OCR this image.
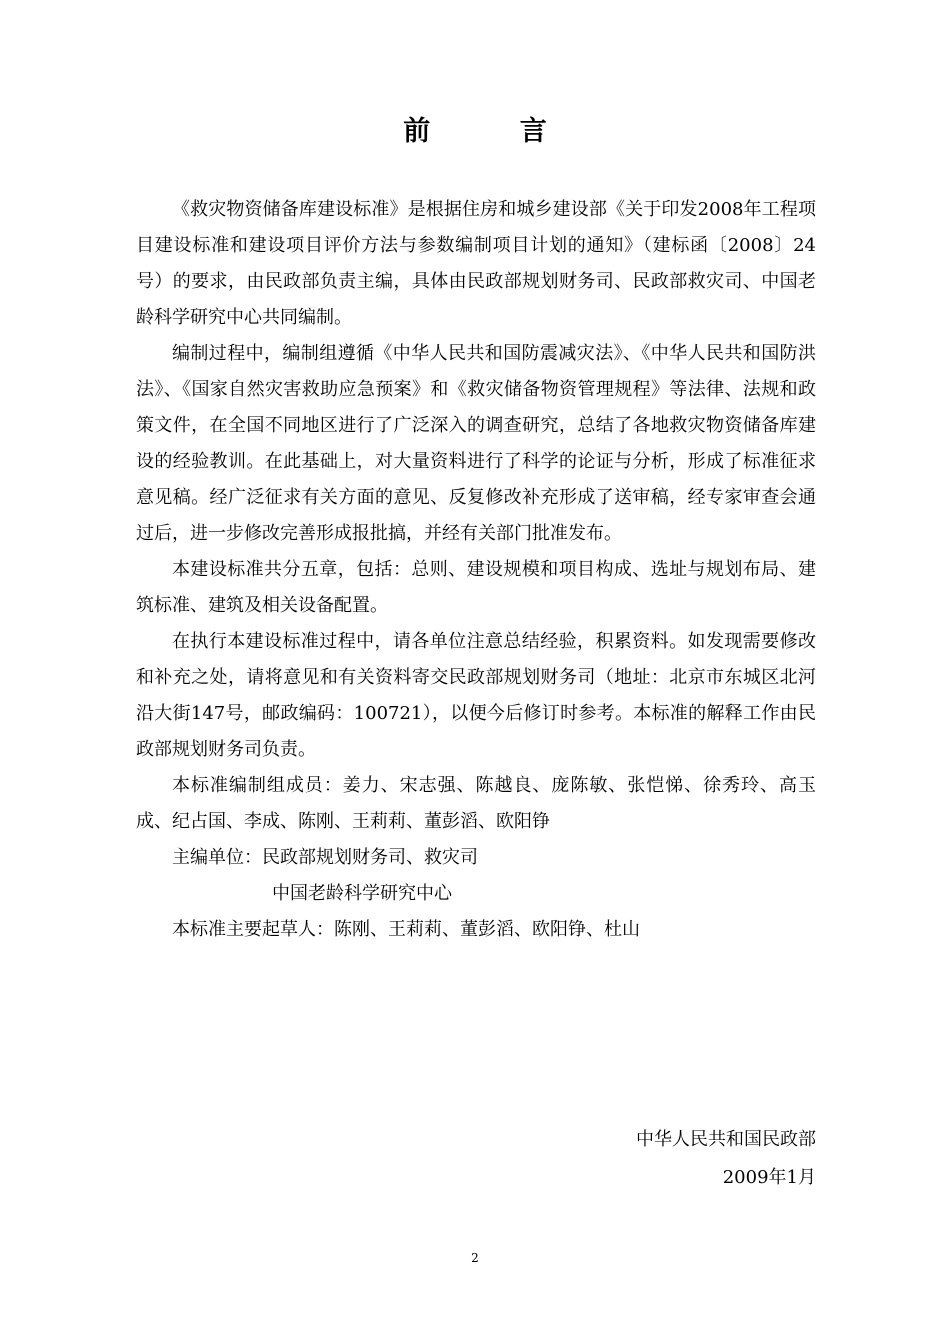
前 言

《救灾物资储备库建设标准》是根据住房和城乡建设部《关于印发2008年工程项目建设标准和建设项目评价方法与参数编制项目计划的通知》（建标函〔2008〕24号）的要求，由民政部负责主编，具体由民政部规划财务司、民政部救灾司、中国老龄科学研究中心共同编制。

编制过程中，编制组遵循《中华人民共和国防震减灾法》、《中华人民共和国防洪法》、《国家自然灾害救助应急预案》和《救灾储备物资管理规程》等法律、法规和政策文件，在全国不同地区进行了广泛深入的调查研究，总结了各地救灾物资储备库建设的经验教训。在此基础上，对大量资料进行了科学的论证与分析，形成了标准征求意见稿。经广泛征求有关方面的意见、反复修改补充形成了送审稿，经专家审查会通过后，进一步修改完善形成报批搞，并经有关部门批准发布。

本建设标准共分五章，包括：总则、建设规模和项目构成、选址与规划布局、建筑标准、建筑及相关设备配置。

在执行本建设标准过程中，请各单位注意总结经验，积累资料。如发现需要修改和补充之处，请将意见和有关资料寄交民政部规划财务司（地址：北京市东城区北河沿大街147号，邮政编码：100721），以便今后修订时参考。本标准的解释工作由民政部规划财务司负责。

本标准编制组成员：姜力、宋志强、陈越良、庞陈敏、张恺悌、徐秀玲、高玉成、纪占国、李成、陈刚、王莉莉、董彭滔、欧阳铮

主编单位：民政部规划财务司、救灾司

中国老龄科学研究中心

本标准主要起草人：陈刚、王莉莉、董彭滔、欧阳铮、杜山

中华人民共和国民政部
2009年1月
2
